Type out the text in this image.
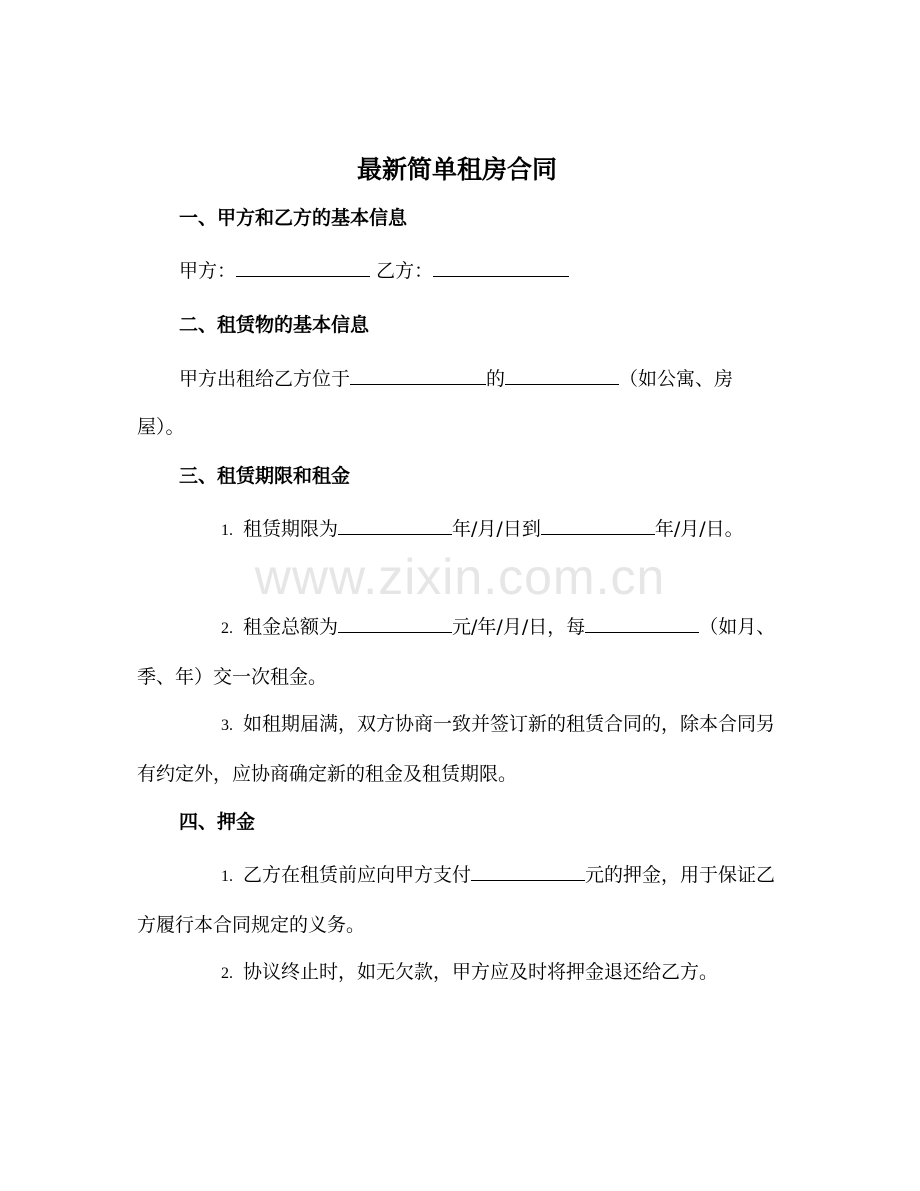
www.zixin.com.cn
最新简单租房合同
一、甲方和乙方的基本信息
甲方：	乙方：
二、租赁物的基本信息
甲方出租给乙方位于	的	（如公寓、房屋）。
三、租赁期限和租金
1. 租赁期限为	年/月/日到	年/月/日。
2. 租金总额为	元/年/月/日，每	（如月、季、年）交一次租金。
3. 如租期届满，双方协商一致并签订新的租赁合同的，除本合同另有约定外，应协商确定新的租金及租赁期限。
四、押金
1. 乙方在租赁前应向甲方支付	元的押金，用于保证乙方履行本合同规定的义务。
2. 协议终止时，如无欠款，甲方应及时将押金退还给乙方。
